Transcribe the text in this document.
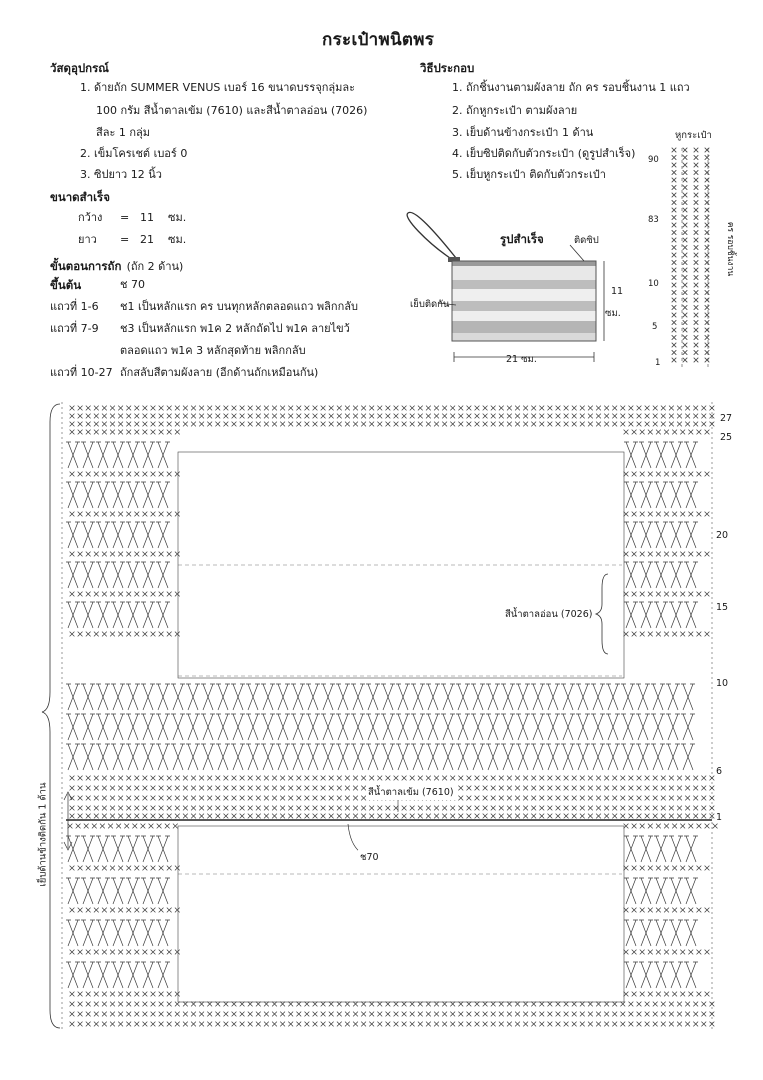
กระเป๋าพนิตพร
วัสดุอุปกรณ์
1. ด้ายถัก SUMMER VENUS เบอร์ 16 ขนาดบรรจุกลุ่มละ
100 กรัม สีน้ำตาลเข้ม (7610) และสีน้ำตาลอ่อน (7026)
สีละ 1 กลุ่ม
2. เข็มโครเชต์ เบอร์ 0
3. ซิปยาว 12 นิ้ว
ขนาดสำเร็จ
กว้าง = 11 ซม.
ยาว = 21 ซม.
ขั้นตอนการถัก (ถัก 2 ด้าน)
ขึ้นต้น	ช 70
แถวที่ 1-6 ช1 เป็นหลักแรก คร บนทุกหลักตลอดแถว พลิกกลับ
แถวที่ 7-9 ช3 เป็นหลักแรก พ1ค 2 หลักถัดไป พ1ค ลายไขว้
ตลอดแถว พ1ค 3 หลักสุดท้าย พลิกกลับ
แถวที่ 10-27 ถักสลับสีตามผังลาย (อีกด้านถักเหมือนกัน)
วิธีประกอบ
1. ถักชิ้นงานตามผังลาย ถัก คร รอบชิ้นงาน 1 แถว
2. ถักหูกระเป๋า ตามผังลาย
3. เย็บด้านข้างกระเป๋า 1 ด้าน
4. เย็บซิปติดกับตัวกระเป๋า (ดูรูปสำเร็จ)
5. เย็บหูกระเป๋า ติดกับตัวกระเป๋า
รูปสำเร็จ	ติดซิป
เย็บติดกัน
11
ซม.
21 ซม.
หูกระเป๋า
90
83
10
5
1
คร รอบชิ้นงาน
27
25
20
15
10
6
1
สีน้ำตาลอ่อน (7026)
สีน้ำตาลเข้ม (7610)
ช70
เย็บด้านข้างติดกัน 1 ด้าน
